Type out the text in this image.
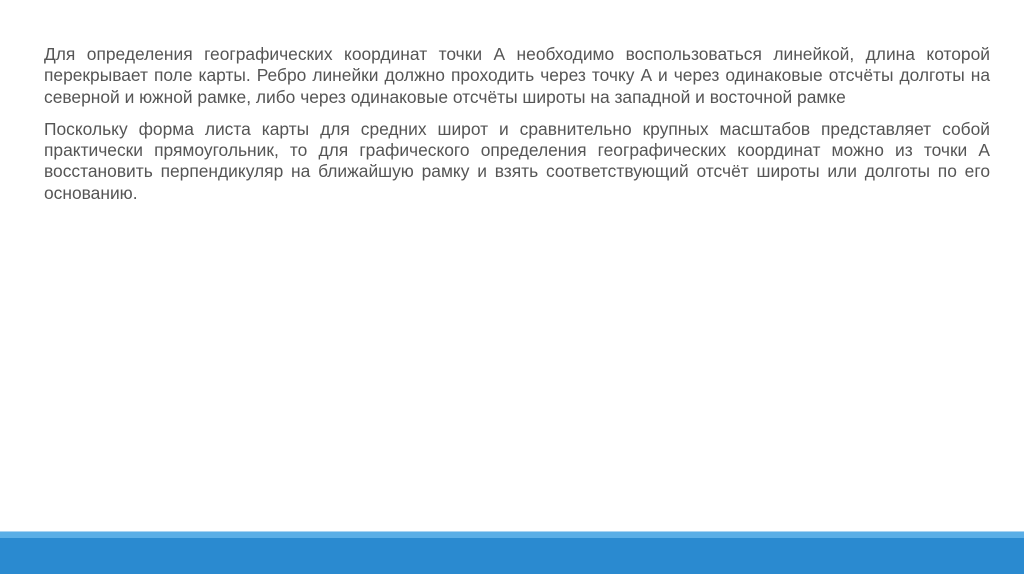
Для определения географических координат точки А необходимо воспользоваться линейкой, длина которой перекрывает поле карты. Ребро линейки должно проходить через точку А и через одинаковые отсчёты долготы на северной и южной рамке, либо через одинаковые отсчёты широты на западной и восточной рамке

Поскольку форма листа карты для средних широт и сравнительно крупных масштабов представляет собой практически прямоугольник, то для графического определения географических координат можно из точки А восстановить перпендикуляр на ближайшую рамку и взять соответствующий отсчёт широты или долготы по его основанию.
